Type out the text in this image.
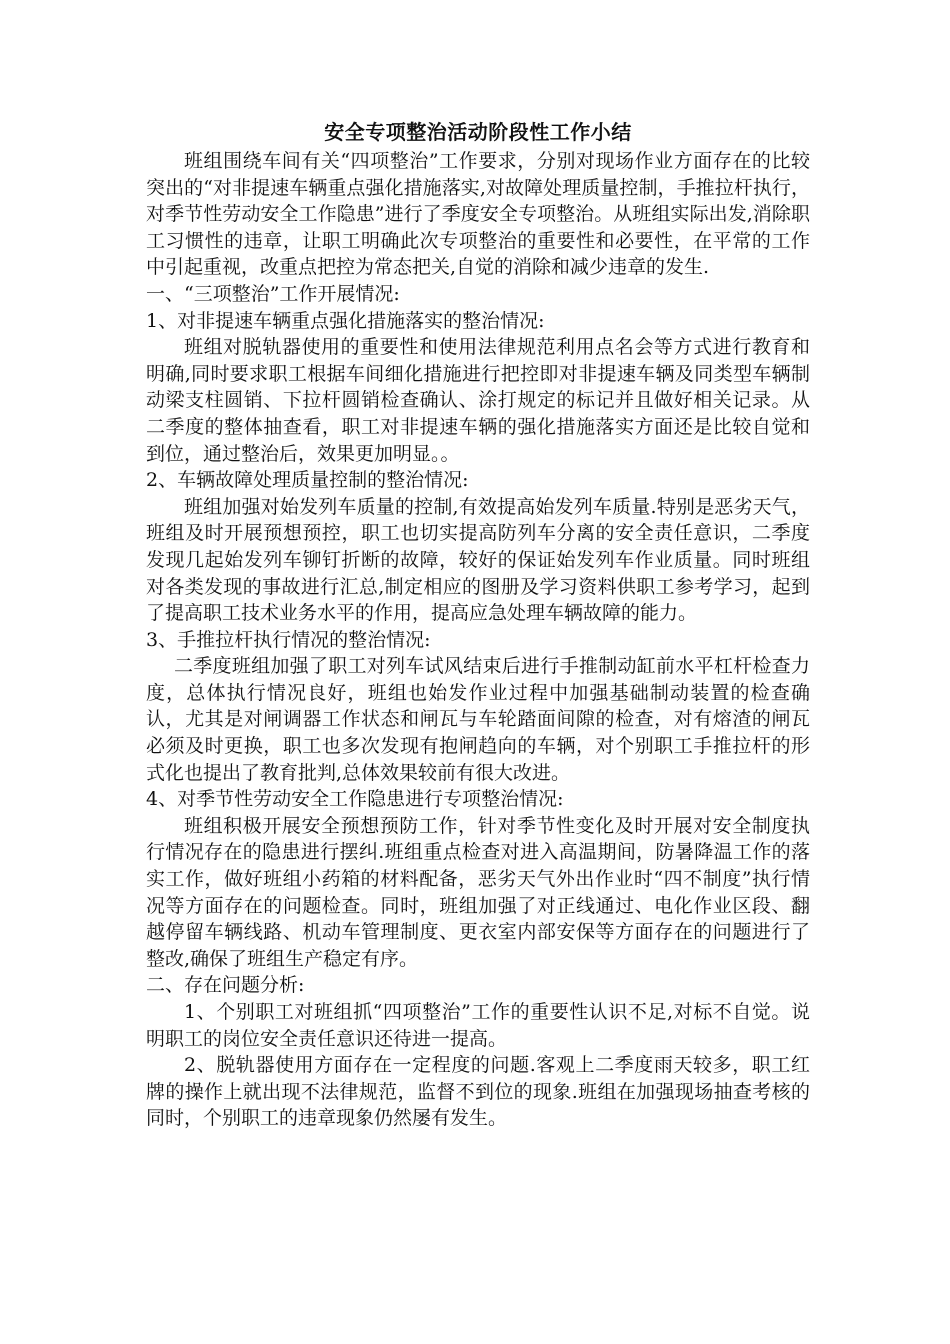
安全专项整治活动阶段性工作小结

班组围绕车间有关“四项整治”工作要求，分别对现场作业方面存在的比较突出的“对非提速车辆重点强化措施落实,对故障处理质量控制，手推拉杆执行，对季节性劳动安全工作隐患”进行了季度安全专项整治。从班组实际出发,消除职工习惯性的违章，让职工明确此次专项整治的重要性和必要性，在平常的工作中引起重视，改重点把控为常态把关,自觉的消除和减少违章的发生.

一、“三项整治”工作开展情况:

1、对非提速车辆重点强化措施落实的整治情况:

班组对脱轨器使用的重要性和使用法律规范利用点名会等方式进行教育和明确,同时要求职工根据车间细化措施进行把控即对非提速车辆及同类型车辆制动梁支柱圆销、下拉杆圆销检查确认、涂打规定的标记并且做好相关记录。从二季度的整体抽查看，职工对非提速车辆的强化措施落实方面还是比较自觉和到位，通过整治后，效果更加明显。。

2、车辆故障处理质量控制的整治情况:

班组加强对始发列车质量的控制,有效提高始发列车质量.特别是恶劣天气，班组及时开展预想预控，职工也切实提高防列车分离的安全责任意识，二季度发现几起始发列车铆钉折断的故障，较好的保证始发列车作业质量。同时班组对各类发现的事故进行汇总,制定相应的图册及学习资料供职工参考学习，起到了提高职工技术业务水平的作用，提高应急处理车辆故障的能力。

3、手推拉杆执行情况的整治情况:

二季度班组加强了职工对列车试风结束后进行手推制动缸前水平杠杆检查力度，总体执行情况良好，班组也始发作业过程中加强基础制动装置的检查确认，尤其是对闸调器工作状态和闸瓦与车轮踏面间隙的检查，对有熔渣的闸瓦必须及时更换，职工也多次发现有抱闸趋向的车辆，对个别职工手推拉杆的形式化也提出了教育批判,总体效果较前有很大改进。

4、对季节性劳动安全工作隐患进行专项整治情况:

班组积极开展安全预想预防工作，针对季节性变化及时开展对安全制度执行情况存在的隐患进行摆纠.班组重点检查对进入高温期间，防暑降温工作的落实工作，做好班组小药箱的材料配备，恶劣天气外出作业时“四不制度”执行情况等方面存在的问题检查。同时，班组加强了对正线通过、电化作业区段、翻越停留车辆线路、机动车管理制度、更衣室内部安保等方面存在的问题进行了整改,确保了班组生产稳定有序。

二、存在问题分析:

1、个别职工对班组抓“四项整治”工作的重要性认识不足,对标不自觉。说明职工的岗位安全责任意识还待进一提高。

2、脱轨器使用方面存在一定程度的问题.客观上二季度雨天较多，职工红牌的操作上就出现不法律规范，监督不到位的现象.班组在加强现场抽查考核的同时，个别职工的违章现象仍然屡有发生。
